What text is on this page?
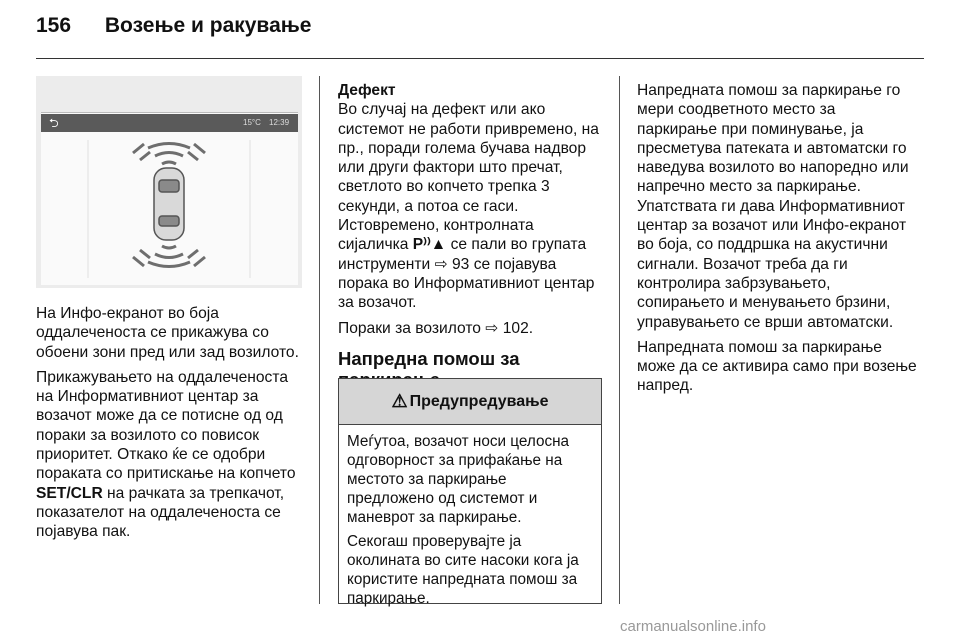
156 Возење и ракување
⮌	15°C 12:39

На Инфо-екранот во боја оддалеченоста се прикажува со обоени зони пред или зад возилото.

Прикажувањето на оддалеченоста на Информативниот центар за возачот може да се потисне од од пораки за возилото со повисок приоритет. Откако ќе се одобри пораката со притискање на копчето SET/CLR на рачката за трепкачот, показателот на оддалеченоста се појавува пак.

Дефект

Во случај на дефект или ако системот не работи привремено, на пр., поради голема бучава надвор или други фактори што пречат, светлото во копчето трепка 3 секунди, а потоа се гаси. Истовремено, контролната сијаличка P⁾⁾▲ се пали во групата инструменти ⇨ 93 се појавува порака во Информативниот центар за возачот.

Пораки за возилото ⇨ 102.

Напредна помош за
⚠ Предупредување

Меѓутоа, возачот носи целосна одговорност за прифаќање на местото за паркирање предложено од системот и маневрот за паркирање.

Секогаш проверувајте ја околината во сите насоки кога ја користите напредната помош за паркирање.

Напредната помош за паркирање го мери соодветното место за паркирање при поминување, ја пресметува патеката и автоматски го наведува возилото во напоредно или напречно место за паркирање. Упатствата ги дава Информативниот центар за возачот или Инфо-екранот во боја, со поддршка на акустични сигнали. Возачот треба да ги контролира забрзувањето, сопирањето и менувањето брзини, управувањето се врши автоматски.

Напредната помош за паркирање може да се активира само при возење напред.

carmanualsonline.info
